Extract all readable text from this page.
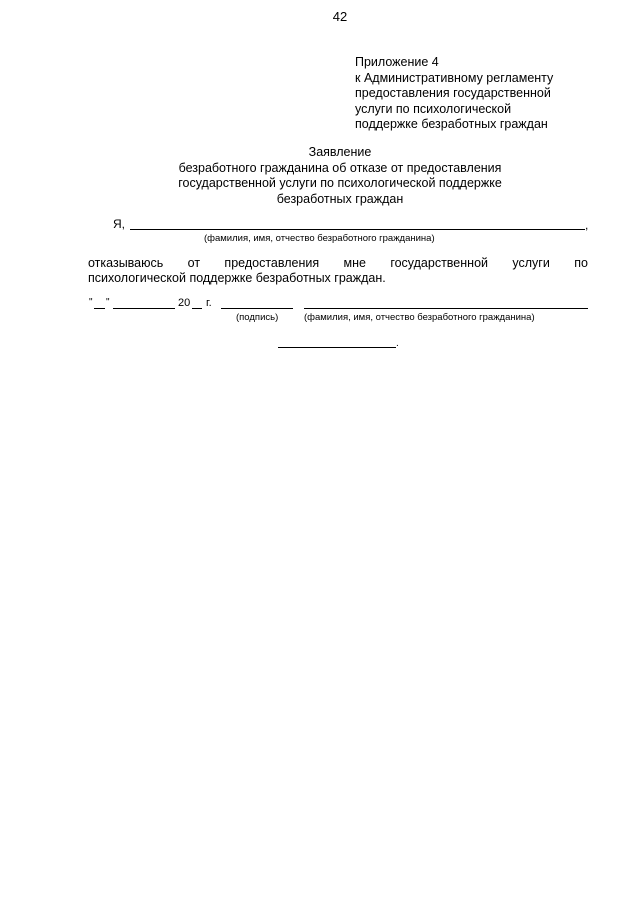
42
Приложение 4
к Административному регламенту
предоставления государственной
услуги по психологической
поддержке безработных граждан
Заявление
безработного гражданина об отказе от предоставления
государственной услуги по психологической поддержке
безработных граждан
Я,	,
(фамилия, имя, отчество безработного гражданина)
отказываюсь от предоставления мне государственной услуги по
психологической поддержке безработных граждан.
" "	20 г.
(подпись)	(фамилия, имя, отчество безработного гражданина)
.
